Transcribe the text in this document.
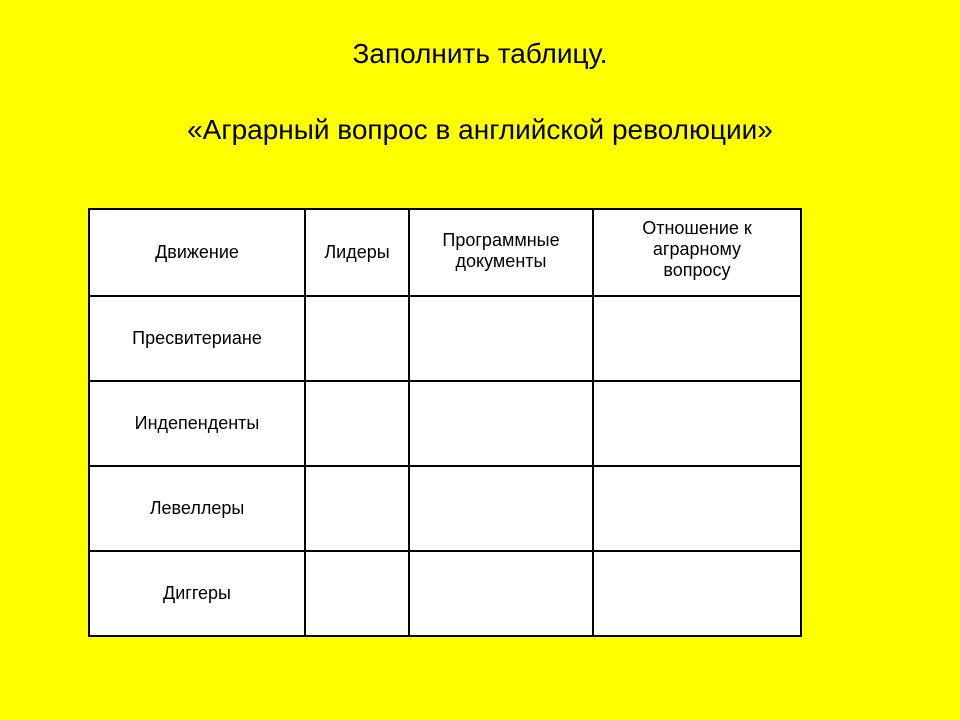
Заполнить таблицу.
«Аграрный вопрос в английской революции»
Движение	Лидеры	Программные документы	Отношение к аграрному вопросу

Пресвитериане			
Индепенденты			
Левеллеры			
Диггеры			
